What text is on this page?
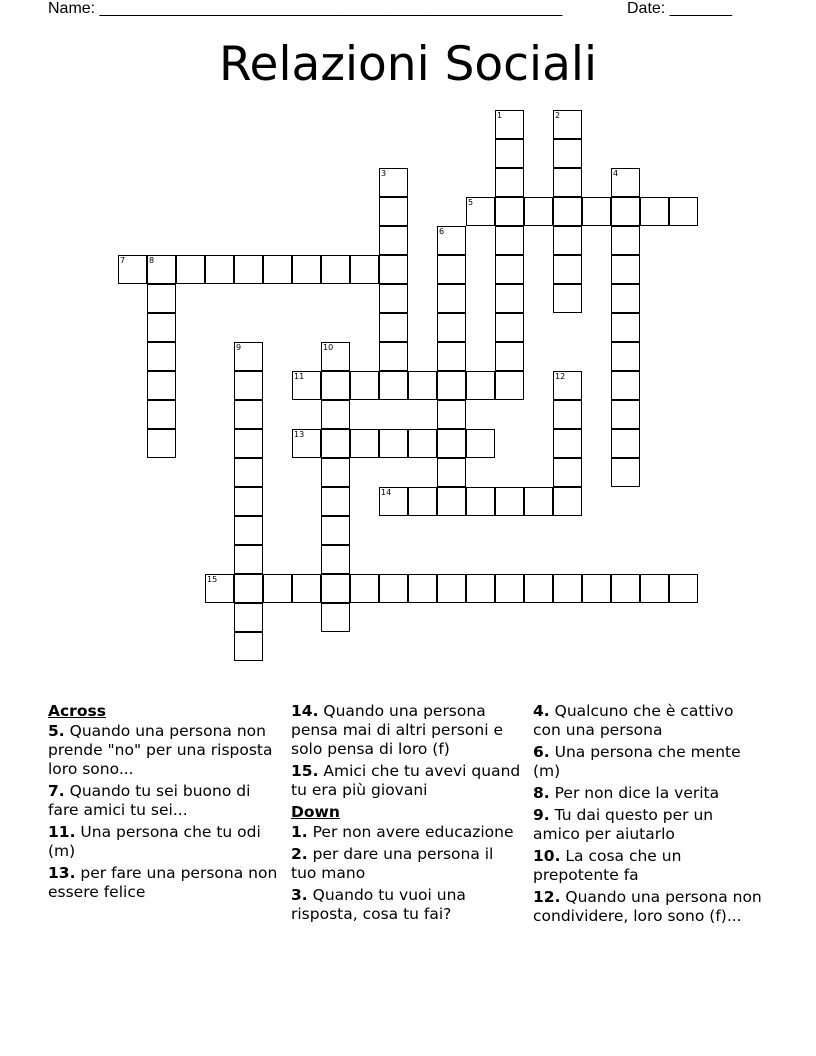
Name: ____________________________________________________	Date: _______
Relazioni Sociali
1	2
3	4
5
6
7	8
9	10
11	12
13
14
15
Across
5. Quando una persona non prende "no" per una risposta loro sono...
7. Quando tu sei buono di fare amici tu sei...
11. Una persona che tu odi (m)
13. per fare una persona non essere felice
14. Quando una persona pensa mai di altri personi e solo pensa di loro (f)
15. Amici che tu avevi quand tu era più giovani
Down
1. Per non avere educazione
2. per dare una persona il tuo mano
3. Quando tu vuoi una risposta, cosa tu fai?
4. Qualcuno che è cattivo con una persona
6. Una persona che mente (m)
8. Per non dice la verita
9. Tu dai questo per un amico per aiutarlo
10. La cosa che un prepotente fa
12. Quando una persona non condividere, loro sono (f)...
